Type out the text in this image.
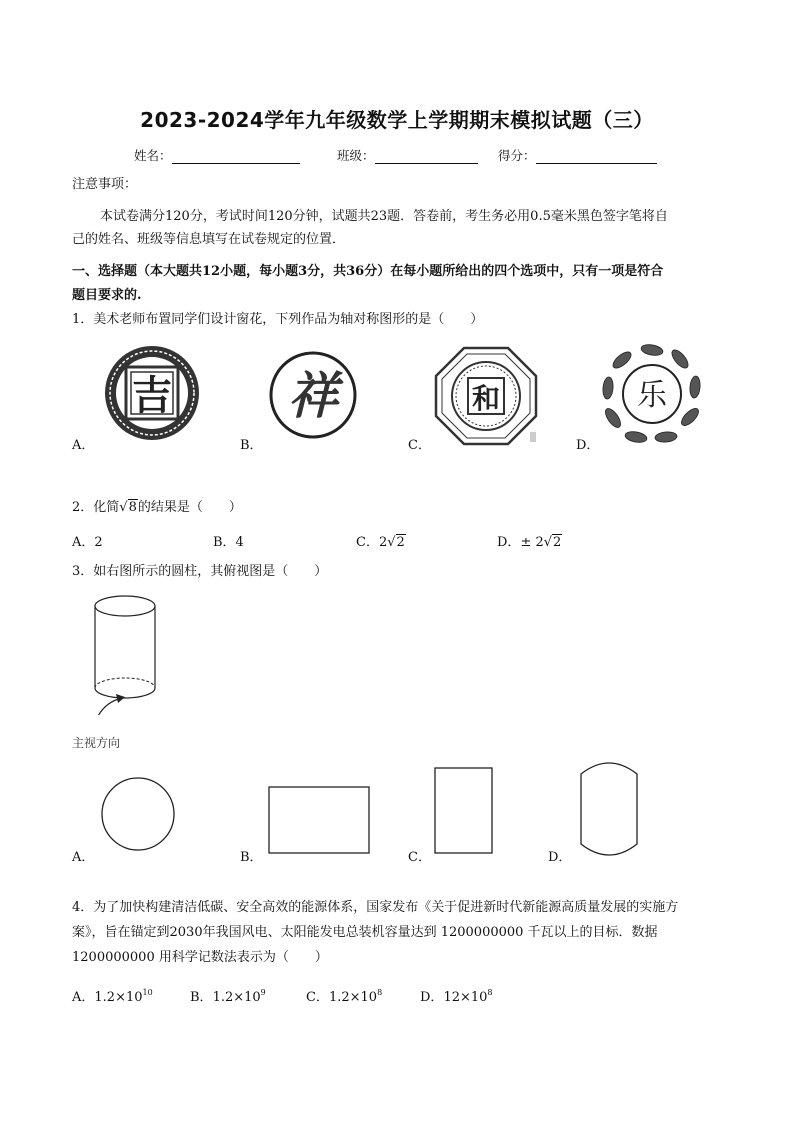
2023-2024学年九年级数学上学期期末模拟试题（三）
姓名：	班级：	得分：
注意事项：
本试卷满分120分，考试时间120分钟，试题共23题．答卷前，考生务必用0.5毫米黑色签字笔将自
己的姓名、班级等信息填写在试卷规定的位置．
一、选择题（本大题共12小题，每小题3分，共36分）在每小题所给出的四个选项中，只有一项是符合
题目要求的.
1．美术老师布置同学们设计窗花，下列作品为轴对称图形的是（　　）
A．	B．	C．	D．
吉 祥	和	乐
2．化简√8的结果是（　　）
A．2	B．4	C．2√2	D．± 2√2
3．如右图所示的圆柱，其俯视图是（　　）
主视方向
A．	B．	C．	D．
4．为了加快构建清洁低碳、安全高效的能源体系，国家发布《关于促进新时代新能源高质量发展的实施方
案》，旨在锚定到2030年我国风电、太阳能发电总装机容量达到 1200000000 千瓦以上的目标．数据
1200000000 用科学记数法表示为（　　）
A．$1.2\times 10^{10}$	B．$1.2\times 10^9$	C．$1.2\times 10^8$	D．$12\times 10^8$
